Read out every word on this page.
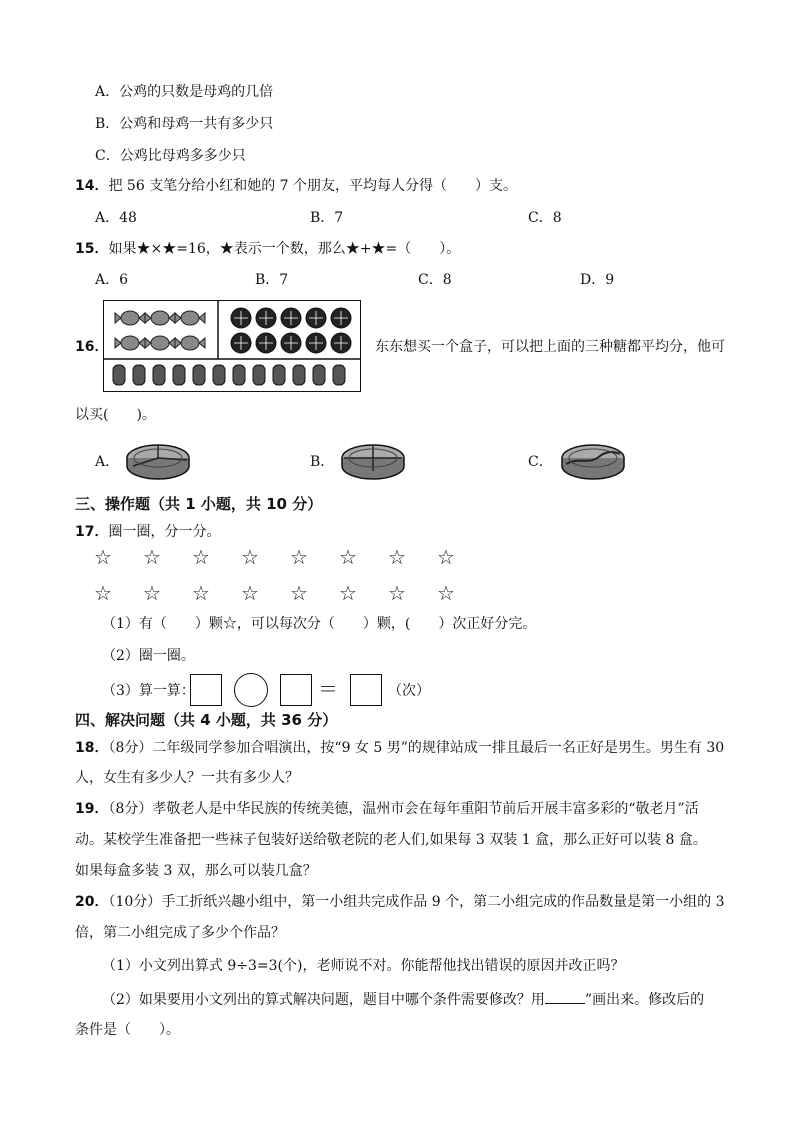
A．公鸡的只数是母鸡的几倍
B．公鸡和母鸡一共有多少只
C．公鸡比母鸡多多少只
14．把 56 支笔分给小红和她的 7 个朋友，平均每人分得（　　）支。
A．48	B．7	C．8
15．如果★×★=16，★表示一个数，那么★+★=（　　）。
A．6	B．7	C．8	D．9
16．	东东想买一个盒子，可以把上面的三种糖都平均分，他可
以买(　　)。
A．	B．	C．
三、操作题（共 1 小题，共 10 分）
17．圈一圈，分一分。
☆ ☆ ☆ ☆ ☆ ☆ ☆ ☆
☆ ☆ ☆ ☆ ☆ ☆ ☆ ☆
（1）有（　　）颗☆，可以每次分（　　）颗，(　　）次正好分完。
（2）圈一圈。
（3）算一算：	＝	（次）
四、解决问题（共 4 小题，共 36 分）
18．（8分）二年级同学参加合唱演出，按“9 女 5 男”的规律站成一排且最后一名正好是男生。男生有 30
人，女生有多少人？一共有多少人？
19．（8分）孝敬老人是中华民族的传统美德，温州市会在每年重阳节前后开展丰富多彩的“敬老月”活
动。某校学生准备把一些袜子包装好送给敬老院的老人们,如果每 3 双装 1 盒，那么正好可以装 8 盒。
如果每盒多装 3 双，那么可以装几盒？
20．（10分）手工折纸兴趣小组中，第一小组共完成作品 9 个，第二小组完成的作品数量是第一小组的 3
倍，第二小组完成了多少个作品？
（1）小文列出算式 9÷3=3(个)，老师说不对。你能帮他找出错误的原因并改正吗？
（2）如果要用小文列出的算式解决问题，题目中哪个条件需要修改？用	”画出来。修改后的
条件是（　　）。
